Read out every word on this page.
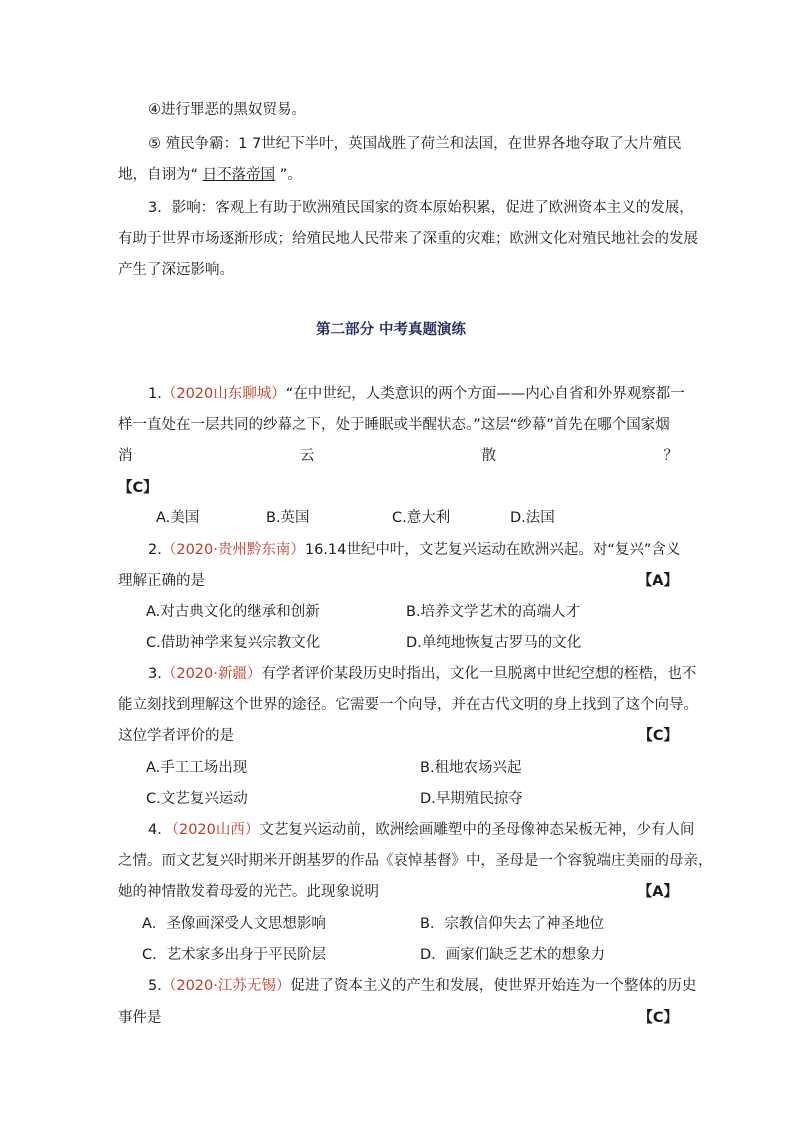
④进行罪恶的黑奴贸易。
⑤ 殖民争霸：1 7世纪下半叶，英国战胜了荷兰和法国，在世界各地夺取了大片殖民
地，自诩为“ 日不落帝国 ”。
3．影响：客观上有助于欧洲殖民国家的资本原始积累，促进了欧洲资本主义的发展，
有助于世界市场逐渐形成；给殖民地人民带来了深重的灾难；欧洲文化对殖民地社会的发展
产生了深远影响。
第二部分 中考真题演练
1.（2020山东聊城）“在中世纪，人类意识的两个方面——内心自省和外界观察都一
样一直处在一层共同的纱幕之下，处于睡眠或半醒状态。”这层“纱幕”首先在哪个国家烟
消	云	散	？
【C】
A.美国	B.英国	C.意大利	D.法国
2.（2020·贵州黔东南）16.14世纪中叶，文艺复兴运动在欧洲兴起。对“复兴”含义
理解正确的是	【A】
A.对古典文化的继承和创新	B.培养文学艺术的高端人才
C.借助神学来复兴宗教文化	D.单纯地恢复古罗马的文化
3.（2020·新疆）有学者评价某段历史时指出，文化一旦脱离中世纪空想的桎梏，也不
能立刻找到理解这个世界的途径。它需要一个向导，并在古代文明的身上找到了这个向导。
这位学者评价的是	【C】
A.手工工场出现	B.租地农场兴起
C.文艺复兴运动	D.早期殖民掠夺
4．（2020山西）文艺复兴运动前，欧洲绘画雕塑中的圣母像神态呆板无神，少有人间
之情。而文艺复兴时期米开朗基罗的作品《哀悼基督》中，圣母是一个容貌端庄美丽的母亲，
她的神情散发着母爱的光芒。此现象说明	【A】
A．圣像画深受人文思想影响	B．宗教信仰失去了神圣地位
C．艺术家多出身于平民阶层	D．画家们缺乏艺术的想象力
5.（2020·江苏无锡）促进了资本主义的产生和发展，使世界开始连为一个整体的历史
事件是	【C】
